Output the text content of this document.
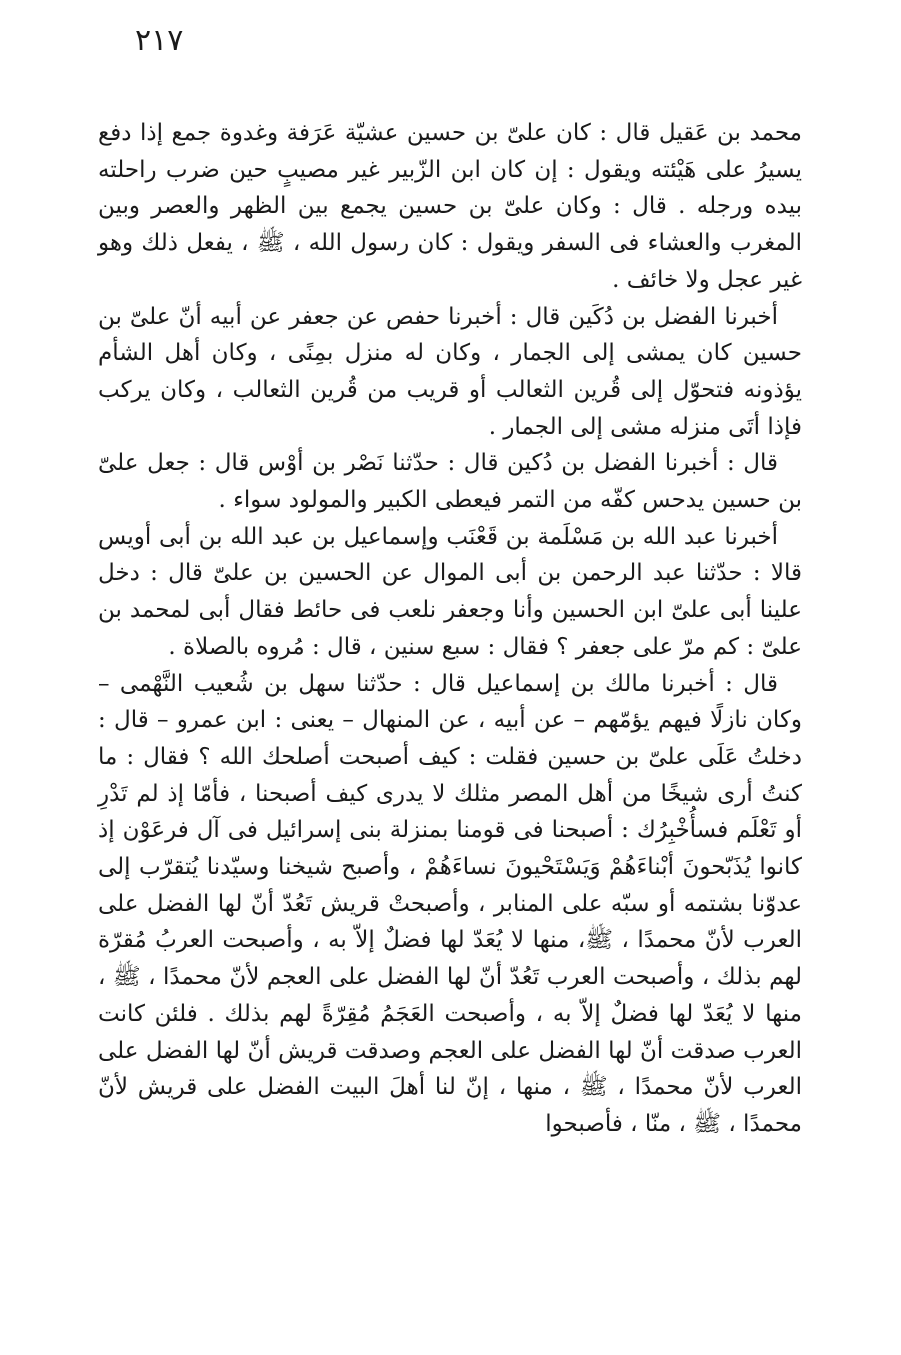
٢١٧

محمد بن عَقيل قال : كان علىّ بن حسين عشيّة عَرَفة وغدوة جمع إذا دفع يسيرُ على هَيْئته ويقول : إن كان ابن الزّبير غير مصيبٍ حين ضرب راحلته بيده ورجله . قال : وكان علىّ بن حسين يجمع بين الظهر والعصر وبين المغرب والعشاء فى السفر ويقول : كان رسول الله ، ﷺ ، يفعل ذلك وهو غير عجل ولا خائف .

أخبرنا الفضل بن دُكَين قال : أخبرنا حفص عن جعفر عن أبيه أنّ علىّ بن حسين كان يمشى إلى الجمار ، وكان له منزل بمِنًى ، وكان أهل الشأم يؤذونه فتحوّل إلى قُرين الثعالب أو قريب من قُرين الثعالب ، وكان يركب فإذا أتَى منزله مشى إلى الجمار .

قال : أخبرنا الفضل بن دُكين قال : حدّثنا نَصْر بن أوْس قال : جعل علىّ بن حسين يدحس كفّه من التمر فيعطى الكبير والمولود سواء .

أخبرنا عبد الله بن مَسْلَمة بن قَعْنَب وإسماعيل بن عبد الله بن أبى أويس قالا : حدّثنا عبد الرحمن بن أبى الموال عن الحسين بن علىّ قال : دخل علينا أبى علىّ ابن الحسين وأنا وجعفر نلعب فى حائط فقال أبى لمحمد بن علىّ : كم مرّ على جعفر ؟ فقال : سبع سنين ، قال : مُروه بالصلاة .

قال : أخبرنا مالك بن إسماعيل قال : حدّثنا سهل بن شُعيب النَّهْمى – وكان نازلًا فيهم يؤمّهم – عن أبيه ، عن المنهال – يعنى : ابن عمرو – قال : دخلتُ عَلَى علىّ بن حسين فقلت : كيف أصبحت أصلحك الله ؟ فقال : ما كنتُ أرى شيخًا من أهل المصر مثلك لا يدرى كيف أصبحنا ، فأمّا إذ لم تَدْرِ أو تَعْلَم فسأُخْبِرُك : أصبحنا فى قومنا بمنزلة بنى إسرائيل فى آل فرعَوْن إذ كانوا يُذَبّحونَ أبْناءَهُمْ وَيَسْتَحْيونَ نساءَهُمْ ، وأصبح شيخنا وسيّدنا يُتقرّب إلى عدوّنا بشتمه أو سبّه على المنابر ، وأصبحتْ قريش تَعُدّ أنّ لها الفضل على العرب لأنّ محمدًا ، ﷺ، منها لا يُعَدّ لها فضلٌ إلاّ به ، وأصبحت العربُ مُقرّة لهم بذلك ، وأصبحت العرب تَعُدّ أنّ لها الفضل على العجم لأنّ محمدًا ، ﷺ ، منها لا يُعَدّ لها فضلٌ إلاّ به ، وأصبحت العَجَمُ مُقِرّةً لهم بذلك . فلئن كانت العرب صدقت أنّ لها الفضل على العجم وصدقت قريش أنّ لها الفضل على العرب لأنّ محمدًا ، ﷺ ، منها ، إنّ لنا أهلَ البيت الفضل على قريش لأنّ محمدًا ، ﷺ ، منّا ، فأصبحوا
